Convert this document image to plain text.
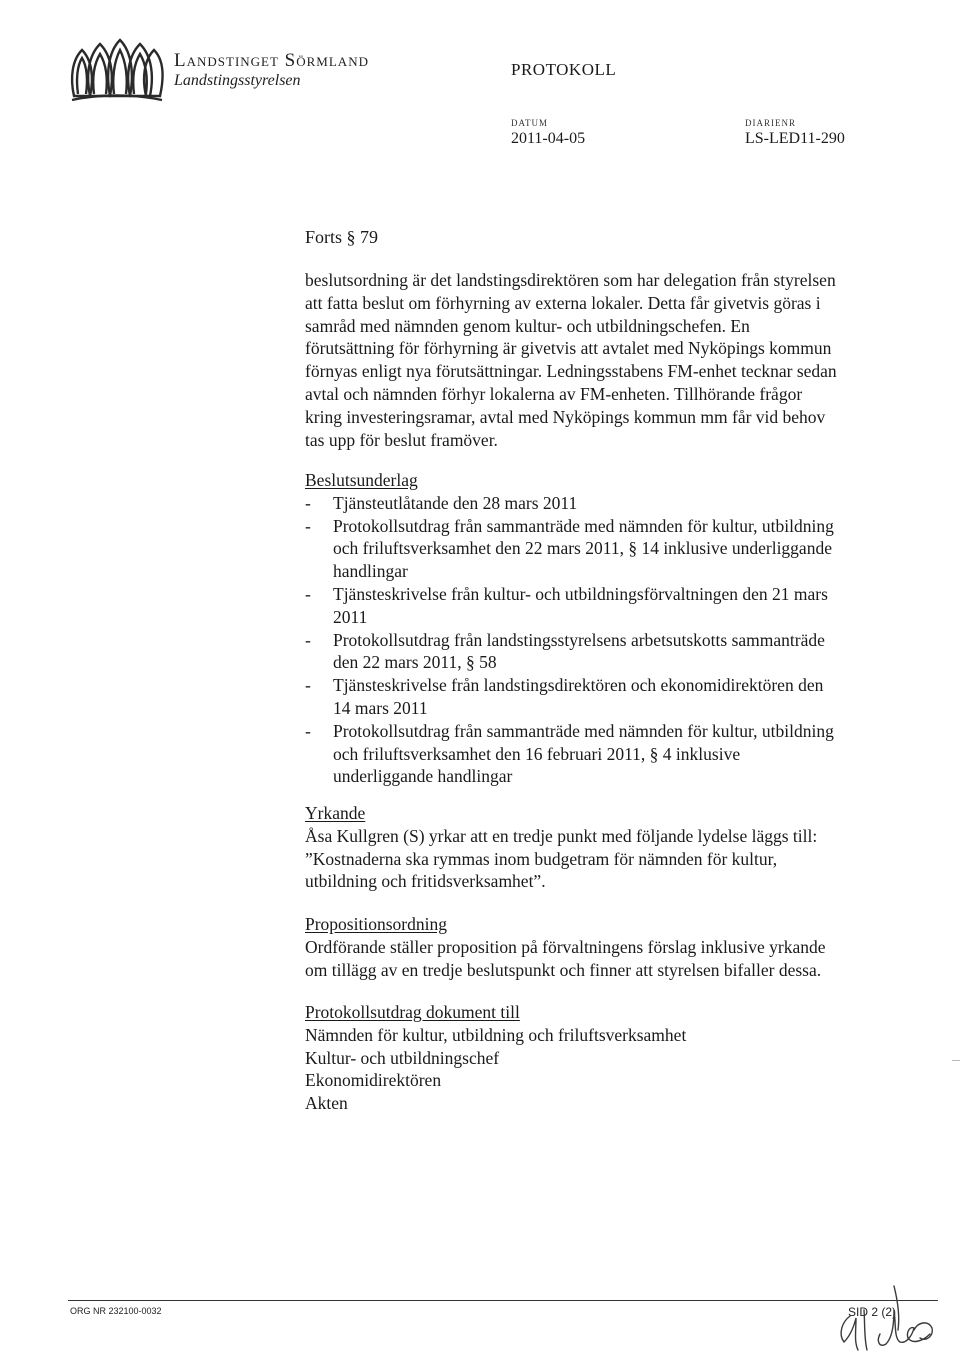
Landstinget Sörmland
Landstingsstyrelsen
PROTOKOLL
DATUM
2011-04-05
DIARIENR
LS-LED11-290
Forts § 79
beslutsordning är det landstingsdirektören som har delegation från styrelsen
att fatta beslut om förhyrning av externa lokaler. Detta får givetvis göras i
samråd med nämnden genom kultur- och utbildningschefen. En
förutsättning för förhyrning är givetvis att avtalet med Nyköpings kommun
förnyas enligt nya förutsättningar. Ledningsstabens FM-enhet tecknar sedan
avtal och nämnden förhyr lokalerna av FM-enheten. Tillhörande frågor
kring investeringsramar, avtal med Nyköpings kommun mm får vid behov
tas upp för beslut framöver.
Beslutsunderlag
-	Tjänsteutlåtande den 28 mars 2011
-	Protokollsutdrag från sammanträde med nämnden för kultur, utbildning
och friluftsverksamhet den 22 mars 2011, § 14 inklusive underliggande
handlingar
-	Tjänsteskrivelse från kultur- och utbildningsförvaltningen den 21 mars
2011
-	Protokollsutdrag från landstingsstyrelsens arbetsutskotts sammanträde
den 22 mars 2011, § 58
-	Tjänsteskrivelse från landstingsdirektören och ekonomidirektören den
14 mars 2011
-	Protokollsutdrag från sammanträde med nämnden för kultur, utbildning
och friluftsverksamhet den 16 februari 2011, § 4 inklusive
underliggande handlingar
Yrkande
Åsa Kullgren (S) yrkar att en tredje punkt med följande lydelse läggs till:
”Kostnaderna ska rymmas inom budgetram för nämnden för kultur,
utbildning och fritidsverksamhet”.
Propositionsordning
Ordförande ställer proposition på förvaltningens förslag inklusive yrkande
om tillägg av en tredje beslutspunkt och finner att styrelsen bifaller dessa.
Protokollsutdrag dokument till
Nämnden för kultur, utbildning och friluftsverksamhet
Kultur- och utbildningschef
Ekonomidirektören
Akten
ORG NR 232100-0032	SID 2 (2)
